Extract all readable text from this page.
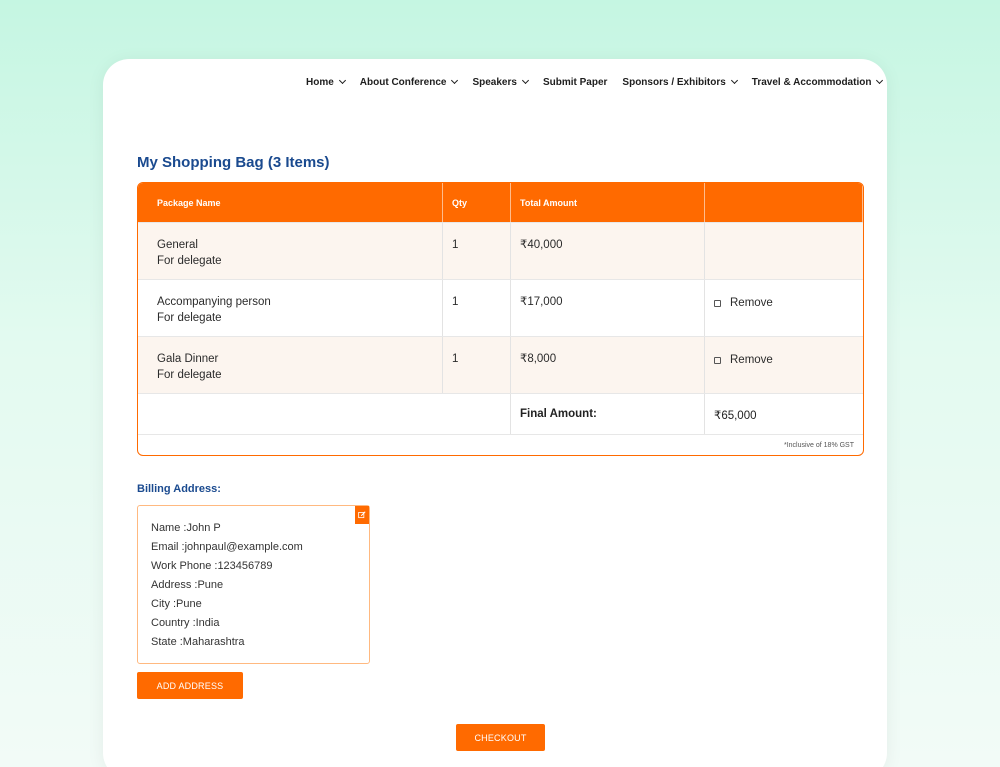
Home	About Conference	Speakers	Submit Paper Sponsors / Exhibitors	Travel & Accommodation
My Shopping Bag (3 Items)
Package Name	Qty	Total Amount
General
For delegate
1	₹40,000
Accompanying person
For delegate
1	₹17,000	Remove
Gala Dinner
For delegate
1	₹8,000	Remove
Final Amount:	₹65,000
*Inclusive of 18% GST
Billing Address:
Name :John P
Email :johnpaul@example.com
Work Phone :123456789
Address :Pune
City :Pune
Country :India
State :Maharashtra
ADD ADDRESS
CHECKOUT
